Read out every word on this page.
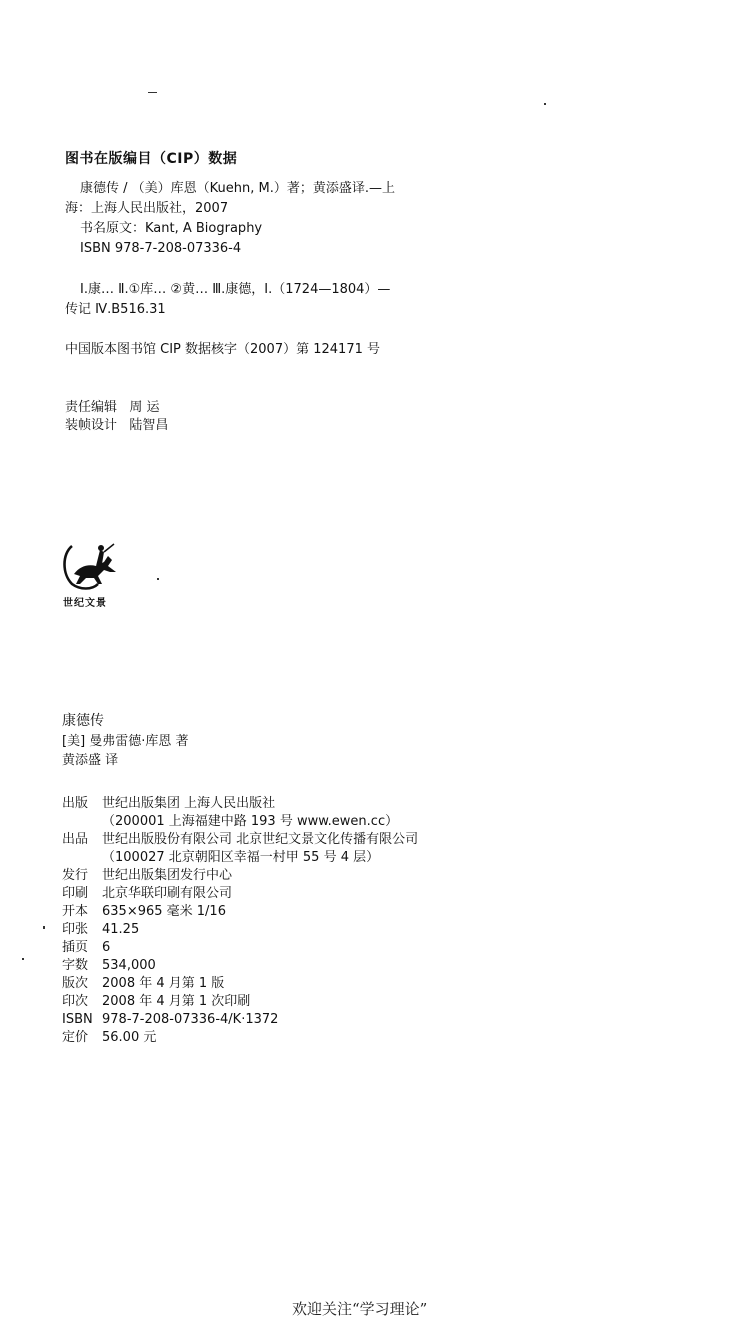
图书在版编目（CIP）数据
康德传 / （美）库恩（Kuehn, M.）著；黄添盛译.—上
海：上海人民出版社，2007
书名原文：Kant, A Biography
ISBN 978-7-208-07336-4
Ⅰ.康… Ⅱ.①库… ②黄… Ⅲ.康德，Ⅰ.（1724—1804）—
传记 Ⅳ.B516.31
中国版本图书馆 CIP 数据核字（2007）第 124171 号
责任编辑 周 运
装帧设计 陆智昌
世纪文景
康德传
[美] 曼弗雷德·库恩 著
黄添盛 译
出版 世纪出版集团 上海人民出版社
（200001 上海福建中路 193 号 www.ewen.cc）
出品 世纪出版股份有限公司 北京世纪文景文化传播有限公司
（100027 北京朝阳区幸福一村甲 55 号 4 层）
发行 世纪出版集团发行中心
印刷 北京华联印刷有限公司
开本 635×965 毫米 1/16
印张 41.25
插页 6
字数 534,000
版次 2008 年 4 月第 1 版
印次 2008 年 4 月第 1 次印刷
ISBN 978-7-208-07336-4/K·1372
定价 56.00 元
欢迎关注“学习理论”
